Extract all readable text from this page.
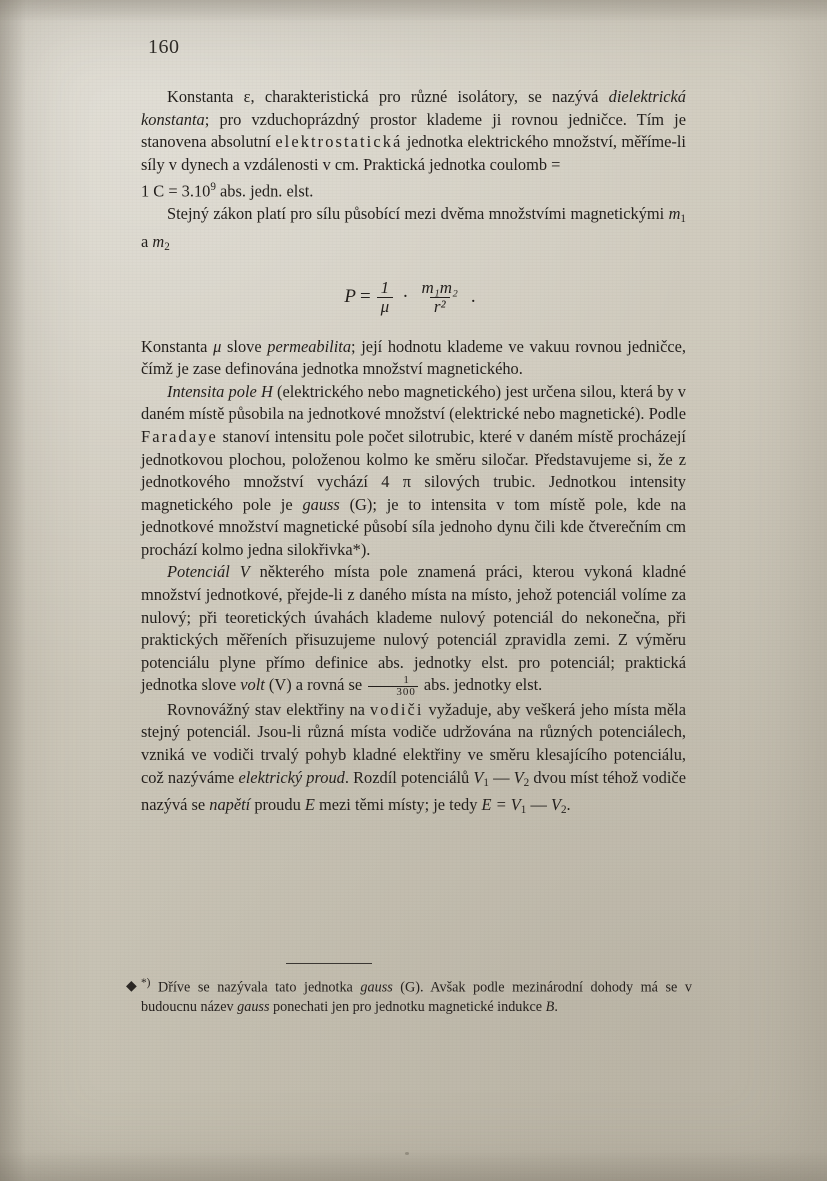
160

Konstanta ε, charakteristická pro různé isolátory, se nazývá dielektrická konstanta; pro vzduchoprázdný prostor klademe ji rovnou jedničce. Tím je stanovena absolutní elektrostatická jednotka elektrického množství, měříme-li síly v dynech a vzdálenosti v cm. Praktická jednotka coulomb =
1 $C = 3.10^9$ abs. jedn. elst.

Stejný zákon platí pro sílu působící mezi dvěma množstvími magnetickými $m_1$ a $m_2$

$P = \frac{1}{\mu} \cdot \frac{\text{m₁m₂}}{\text{r²}}$ .

Konstanta μ slove permeabilita; její hodnotu klademe ve vakuu rovnou jedničce, čímž je zase definována jednotka množství magnetického.

Intensita pole H (elektrického nebo magnetického) jest určena silou, která by v daném místě působila na jednotkové množství (elektrické nebo magnetické). Podle Faradaye stanoví intensitu pole počet silotrubic, které v daném místě procházejí jednotkovou plochou, položenou kolmo ke směru siločar. Představujeme si, že z jednotkového množství vychází 4 π silových trubic. Jednotkou intensity magnetického pole je gauss (G); je to intensita v tom místě pole, kde na jednotkové množství magnetické působí síla jednoho dynu čili kde čtverečním cm prochází kolmo jedna silokřivka*).

Potenciál V některého místa pole znamená práci, kterou vykoná kladné množství jednotkové, přejde-li z daného místa na místo, jehož potenciál volíme za nulový; při teoretických úvahách klademe nulový potenciál do nekonečna, při praktických měřeních přisuzujeme nulový potenciál zpravidla zemi. Z výměru potenciálu plyne přímo definice abs. jednotky elst. pro potenciál; praktická jednotka slove volt (V) a rovná se $\frac{1}{300}$ abs. jednotky elst.

Rovnovážný stav elektřiny na vodiči vyžaduje, aby veškerá jeho místa měla stejný potenciál. Jsou-li různá místa vodiče udržována na různých potenciálech, vzniká ve vodiči trvalý pohyb kladné elektřiny ve směru klesajícího potenciálu, což nazýváme elektrický proud. Rozdíl potenciálů $V_1$ — $V_2$ dvou míst téhož vodiče nazývá se napětí proudu E mezi těmi místy; je tedy $E = V_1$ — $V_2$.

◆ *) Dříve se nazývala tato jednotka gauss (G). Avšak podle mezinárodní dohody má se v budoucnu název gauss ponechati jen pro jednotku magnetické indukce B.
